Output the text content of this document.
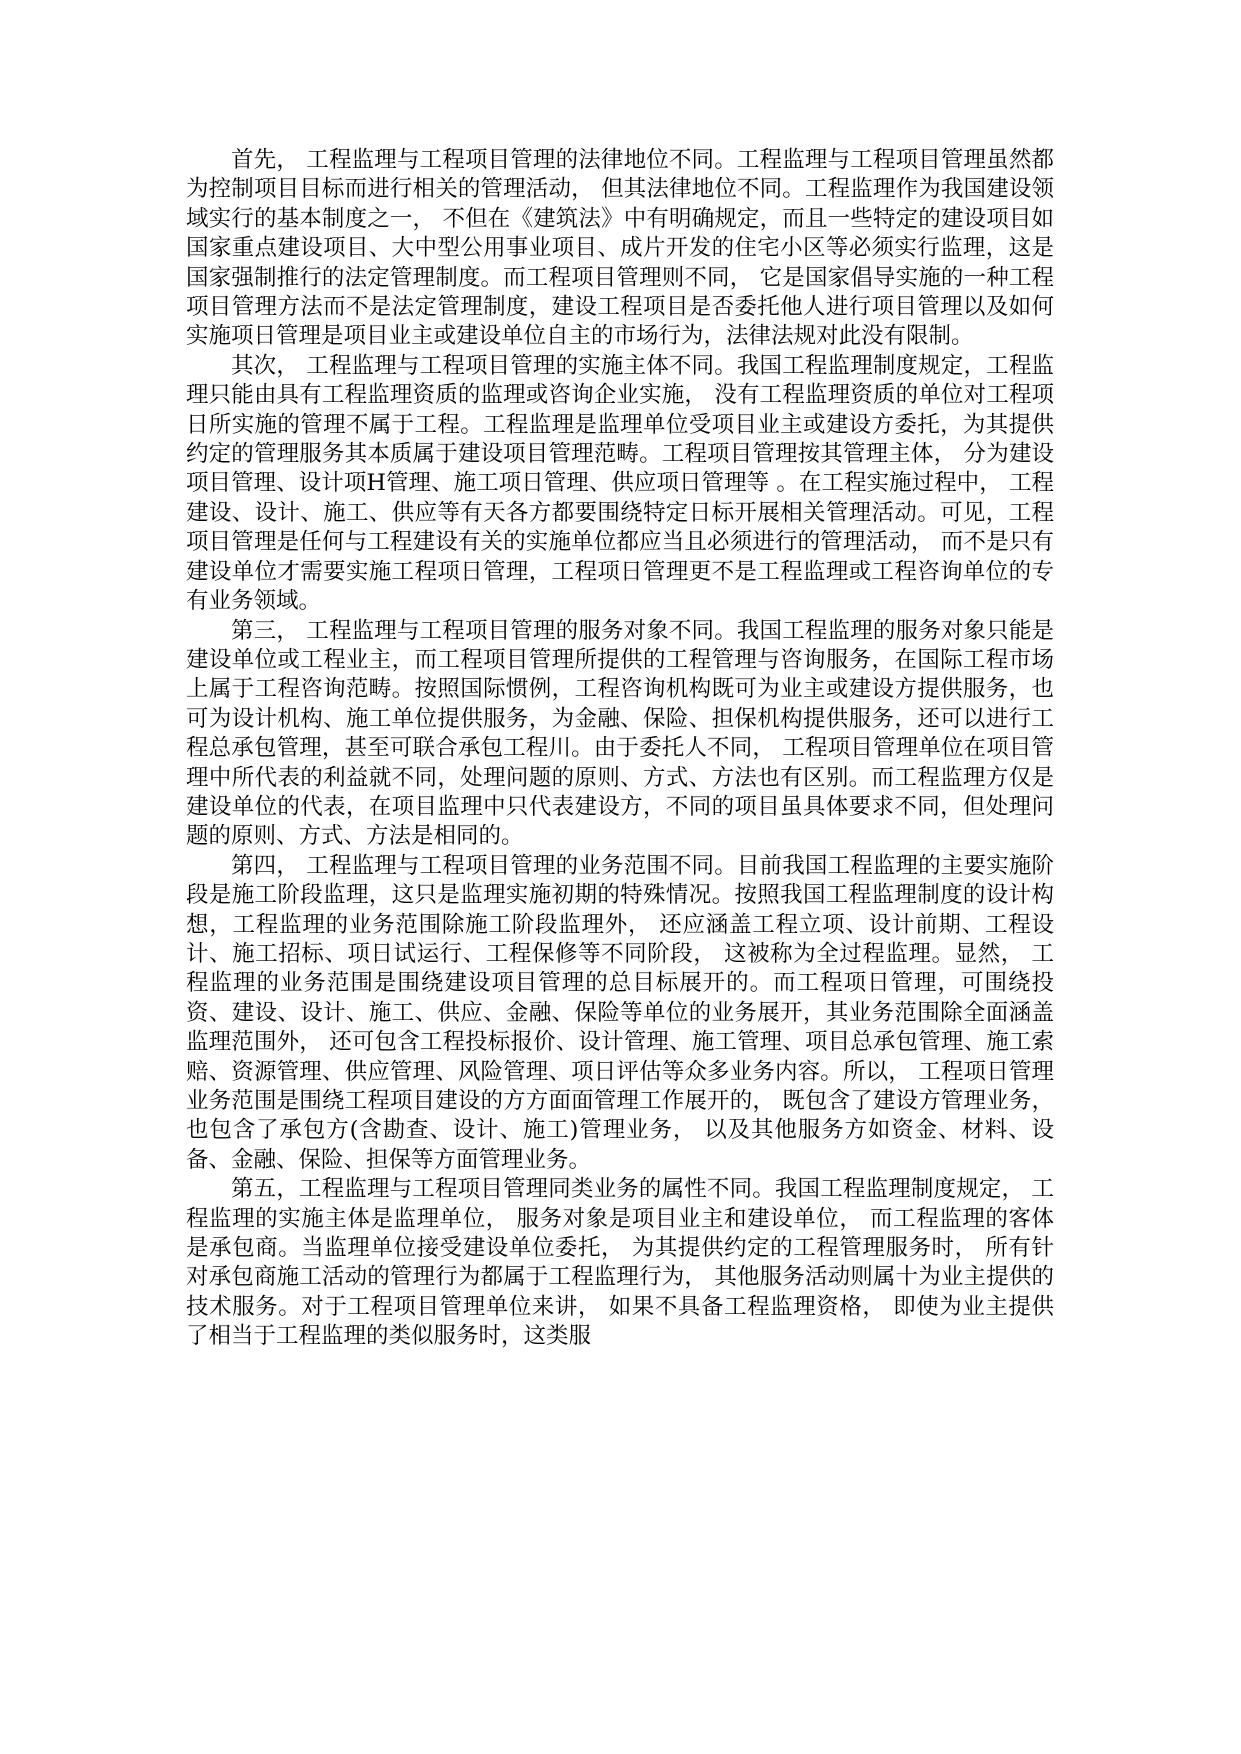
首先， 工程监理与工程项目管理的法律地位不同。工程监理与工程项目管理虽然都为控制项目目标而进行相关的管理活动， 但其法律地位不同。工程监理作为我国建设领域实行的基本制度之一， 不但在《建筑法》中有明确规定，而且一些特定的建设项目如国家重点建设项目、大中型公用事业项目、成片开发的住宅小区等必须实行监理，这是国家强制推行的法定管理制度。而工程项目管理则不同， 它是国家倡导实施的一种工程项目管理方法而不是法定管理制度，建设工程项目是否委托他人进行项目管理以及如何实施项日管理是项目业主或建设单位自主的市场行为，法律法规对此没有限制。

其次， 工程监理与工程项目管理的实施主体不同。我国工程监理制度规定，工程监理只能由具有工程监理资质的监理或咨询企业实施， 没有工程监理资质的单位对工程项日所实施的管理不属于工程。工程监理是监理单位受项目业主或建设方委托，为其提供约定的管理服务其本质属于建设项目管理范畴。工程项目管理按其管理主体， 分为建设项目管理、设计项H管理、施工项日管理、供应项日管理等 。在工程实施过程中， 工程建设、设计、施工、供应等有天各方都要围绕特定日标开展相关管理活动。可见，工程项目管理是任何与工程建设有关的实施单位都应当且必须进行的管理活动， 而不是只有建设单位才需要实施工程项日管理，工程项日管理更不是工程监理或工程咨询单位的专有业务领域。

第三， 工程监理与工程项目管理的服务对象不同。我国工程监理的服务对象只能是建设单位或工程业主，而工程项目管理所提供的工程管理与咨询服务，在国际工程市场上属于工程咨询范畴。按照国际惯例，工程咨询机构既可为业主或建设方提供服务，也可为设计机构、施工单位提供服务，为金融、保险、担保机构提供服务，还可以进行工程总承包管理，甚至可联合承包工程川。由于委托人不同， 工程项目管理单位在项目管理中所代表的利益就不同，处理问题的原则、方式、方法也有区别。而工程监理方仅是建设单位的代表，在项目监理中只代表建设方，不同的项目虽具体要求不同，但处理问题的原则、方式、方法是相同的。

第四， 工程监理与工程项目管理的业务范围不同。目前我国工程监理的主要实施阶段是施工阶段监理，这只是监理实施初期的特殊情况。按照我国工程监理制度的设计构想，工程监理的业务范围除施工阶段监理外， 还应涵盖工程立项、设计前期、工程设计、施工招标、项日试运行、工程保修等不同阶段， 这被称为全过程监理。显然， 工程监理的业务范围是围绕建设项目管理的总目标展开的。而工程项日管理，可围绕投资、建设、设计、施工、供应、金融、保险等单位的业务展开，其业务范围除全面涵盖监理范围外， 还可包含工程投标报价、设计管理、施工管理、项目总承包管理、施工索赔、资源管理、供应管理、风险管理、项日评估等众多业务内容。所以， 工程项日管理业务范围是围绕工程项目建设的方方面面管理工作展开的， 既包含了建设方管理业务， 也包含了承包方(含勘查、设计、施工)管理业务， 以及其他服务方如资金、材料、设备、金融、保险、担保等方面管理业务。

第五，工程监理与工程项目管理同类业务的属性不同。我国工程监理制度规定， 工程监理的实施主体是监理单位， 服务对象是项目业主和建设单位， 而工程监理的客体是承包商。当监理单位接受建设单位委托， 为其提供约定的工程管理服务时， 所有针对承包商施工活动的管理行为都属于工程监理行为， 其他服务活动则属十为业主提供的技术服务。对于工程项目管理单位来讲， 如果不具备工程监理资格， 即使为业主提供了相当于工程监理的类似服务时，这类服
